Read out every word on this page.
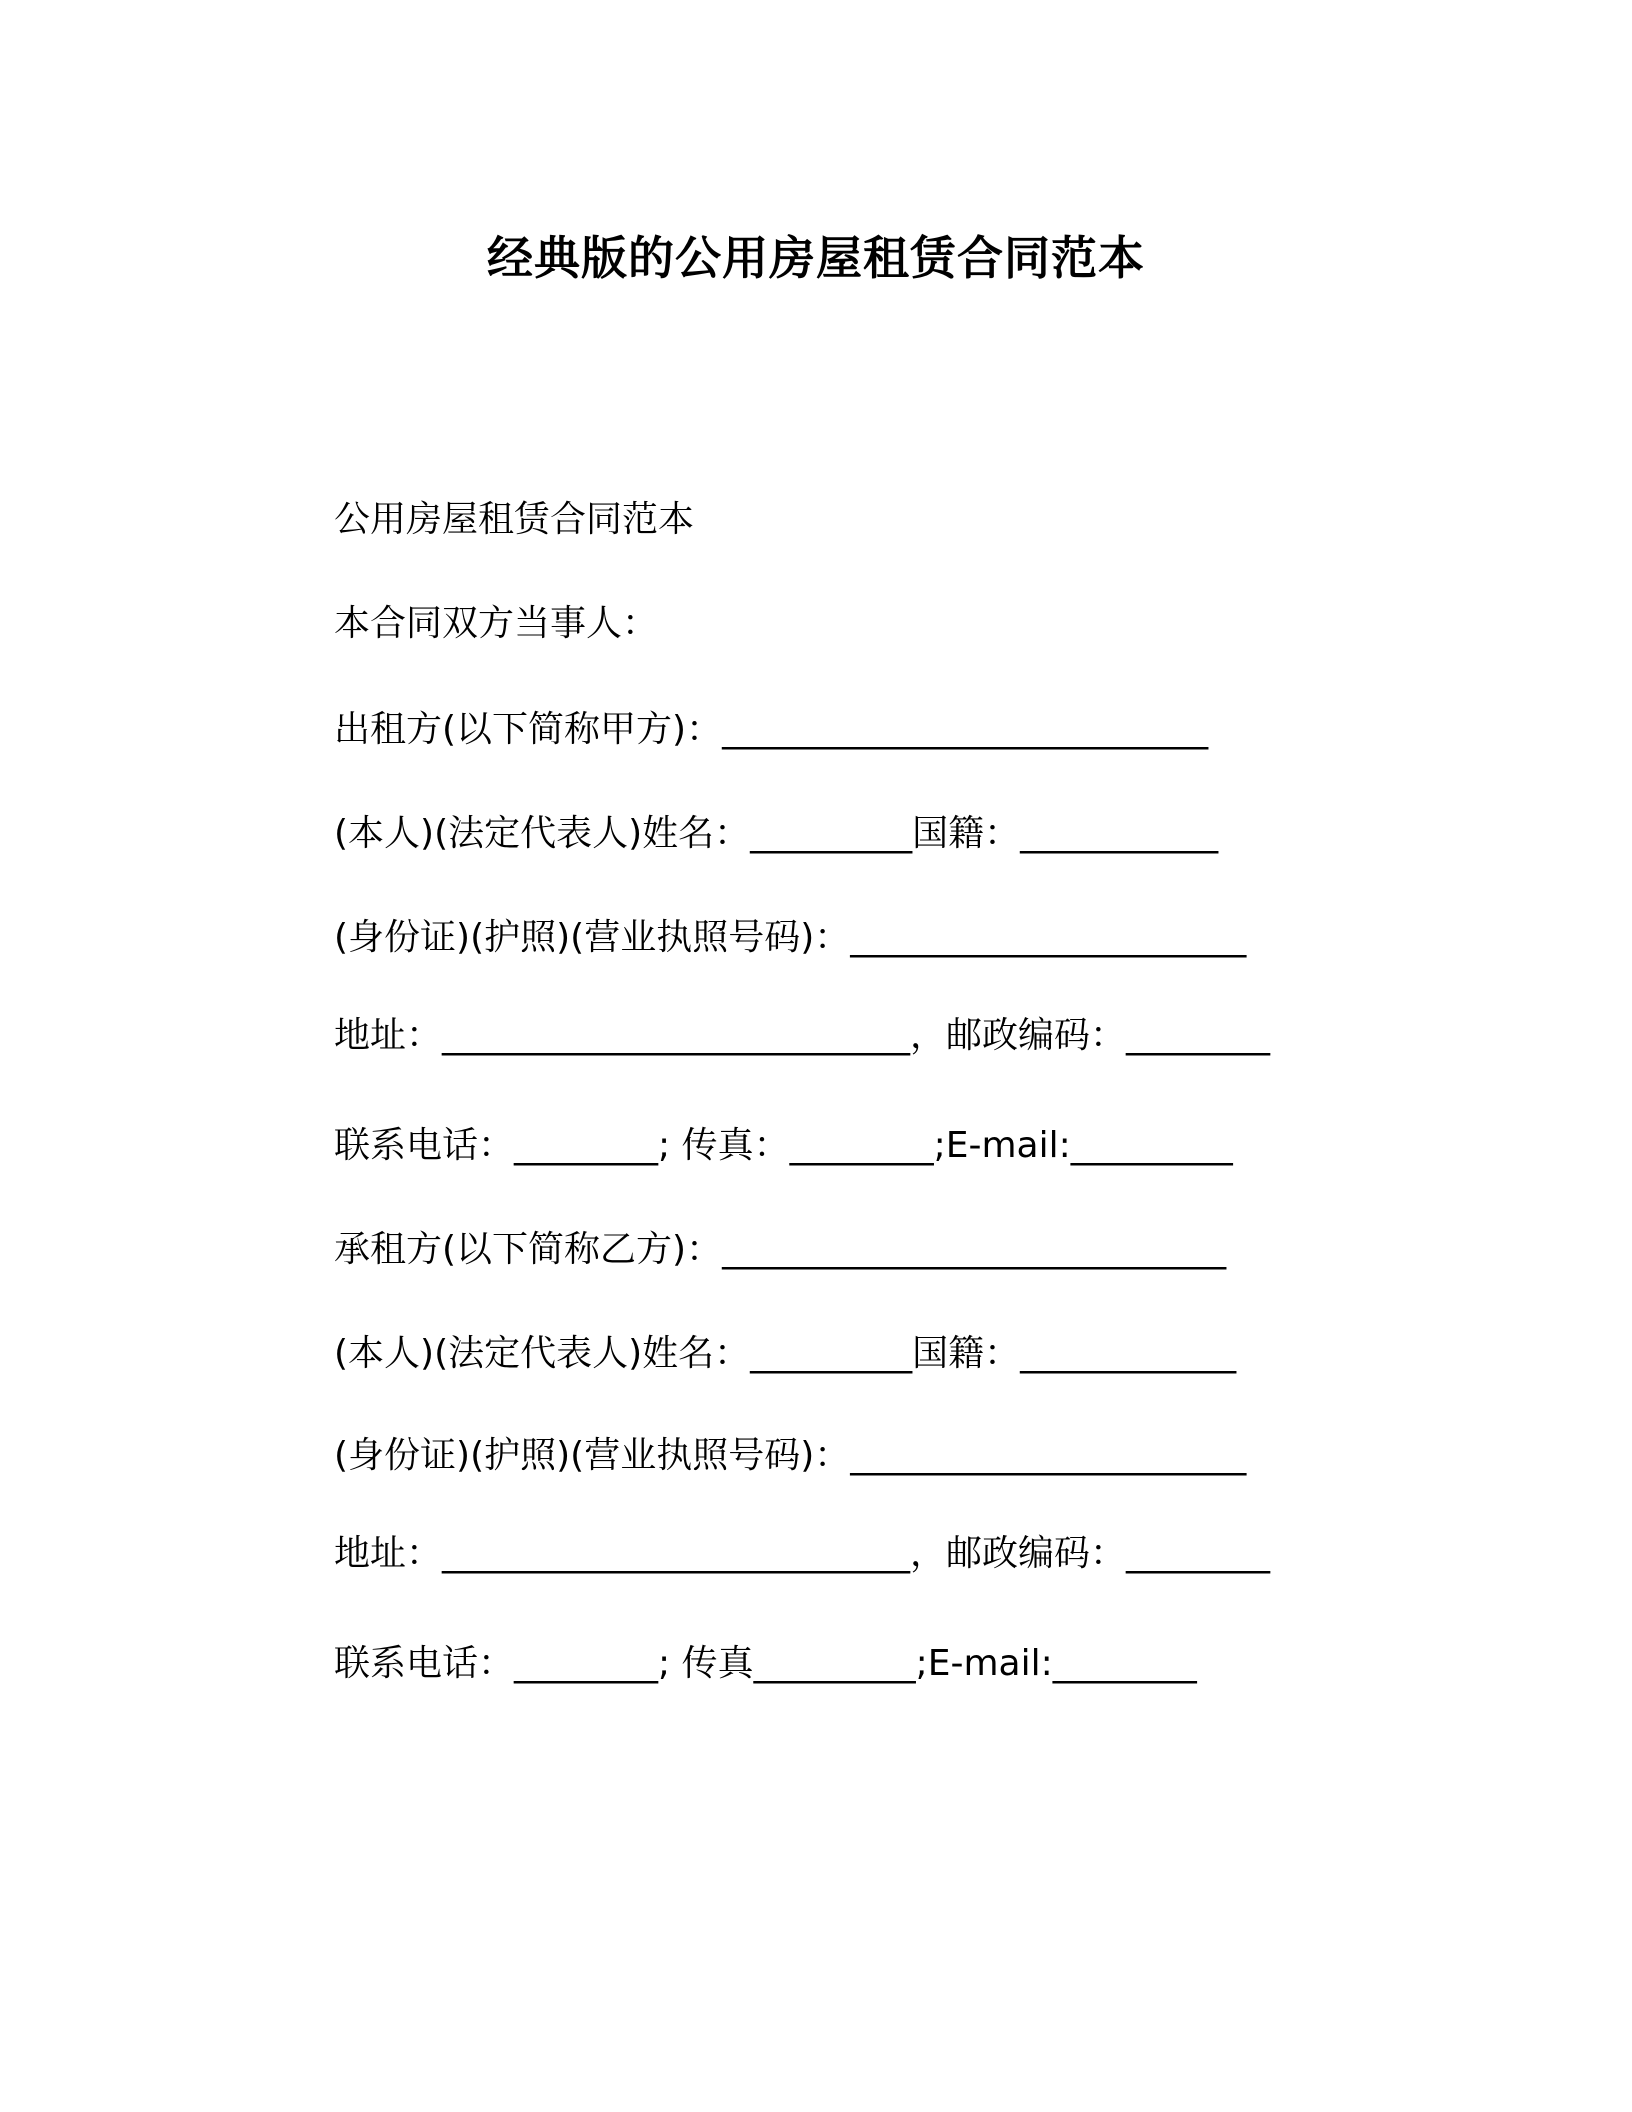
经典版的公用房屋租赁合同范本

公用房屋租赁合同范本

本合同双方当事人：

出租方(以下简称甲方)：___________________________

(本人)(法定代表人)姓名：_________国籍：___________

(身份证)(护照)(营业执照号码)：______________________

地址：__________________________，邮政编码：________

联系电话：________; 传真：________;E-mail:_________

承租方(以下简称乙方)：____________________________

(本人)(法定代表人)姓名：_________国籍：____________

(身份证)(护照)(营业执照号码)：______________________

地址：__________________________，邮政编码：________

联系电话：________; 传真_________;E-mail:________
